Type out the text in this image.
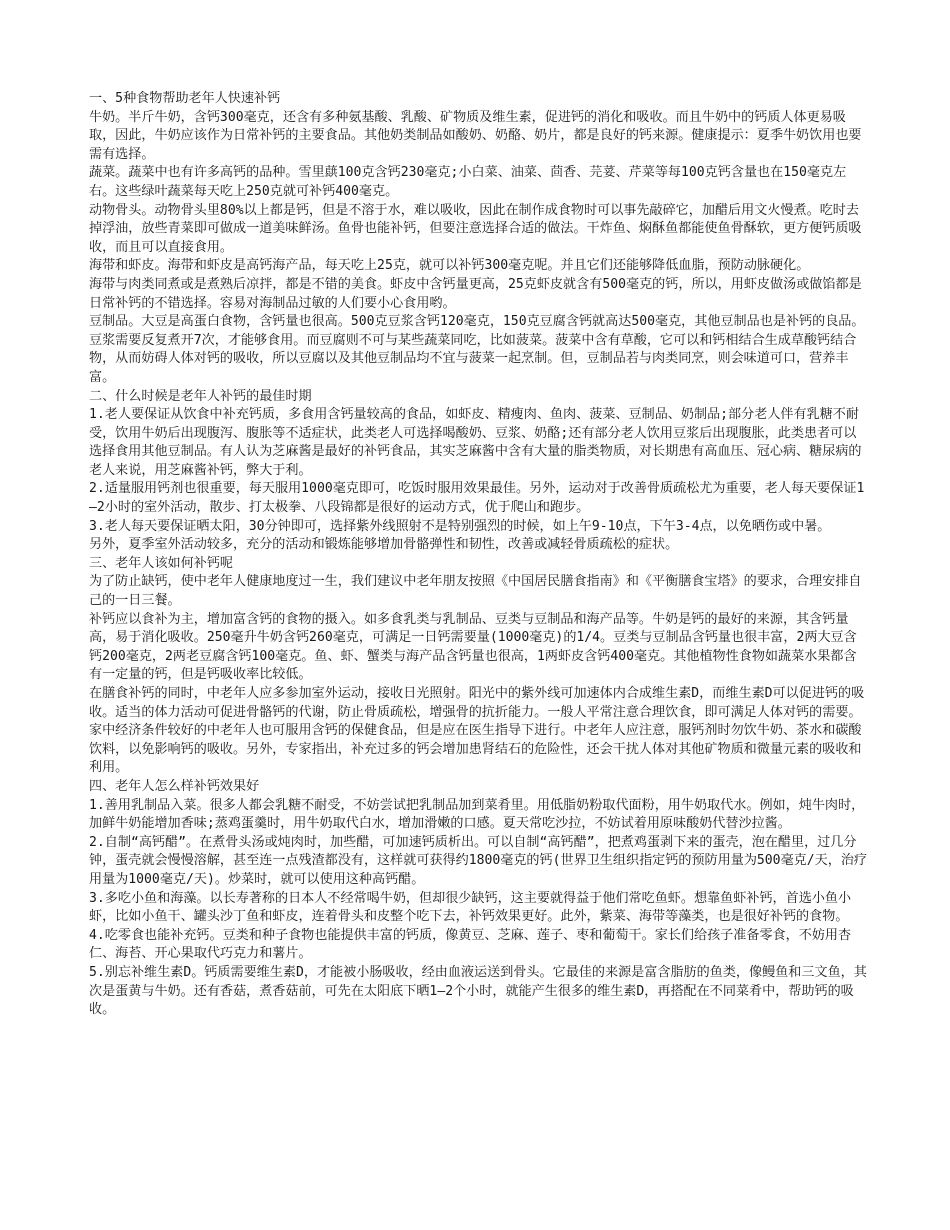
一、5种食物帮助老年人快速补钙

牛奶。半斤牛奶，含钙300毫克，还含有多种氨基酸、乳酸、矿物质及维生素，促进钙的消化和吸收。而且牛奶中的钙质人体更易吸取，因此，牛奶应该作为日常补钙的主要食品。其他奶类制品如酸奶、奶酪、奶片，都是良好的钙来源。健康提示：夏季牛奶饮用也要需有选择。

蔬菜。蔬菜中也有许多高钙的品种。雪里蕻100克含钙230毫克;小白菜、油菜、茴香、芫荽、芹菜等每100克钙含量也在150毫克左右。这些绿叶蔬菜每天吃上250克就可补钙400毫克。

动物骨头。动物骨头里80%以上都是钙，但是不溶于水，难以吸收，因此在制作成食物时可以事先敲碎它，加醋后用文火慢煮。吃时去掉浮油，放些青菜即可做成一道美味鲜汤。鱼骨也能补钙，但要注意选择合适的做法。干炸鱼、焖酥鱼都能使鱼骨酥软，更方便钙质吸收，而且可以直接食用。

海带和虾皮。海带和虾皮是高钙海产品，每天吃上25克，就可以补钙300毫克呢。并且它们还能够降低血脂，预防动脉硬化。

海带与肉类同煮或是煮熟后凉拌，都是不错的美食。虾皮中含钙量更高，25克虾皮就含有500毫克的钙，所以，用虾皮做汤或做馅都是日常补钙的不错选择。容易对海制品过敏的人们要小心食用哟。

豆制品。大豆是高蛋白食物，含钙量也很高。500克豆浆含钙120毫克，150克豆腐含钙就高达500毫克，其他豆制品也是补钙的良品。豆浆需要反复煮开7次，才能够食用。而豆腐则不可与某些蔬菜同吃，比如菠菜。菠菜中含有草酸，它可以和钙相结合生成草酸钙结合物，从而妨碍人体对钙的吸收，所以豆腐以及其他豆制品均不宜与菠菜一起烹制。但，豆制品若与肉类同烹，则会味道可口，营养丰富。

二、什么时候是老年人补钙的最佳时期

1.老人要保证从饮食中补充钙质，多食用含钙量较高的食品，如虾皮、精瘦肉、鱼肉、菠菜、豆制品、奶制品;部分老人伴有乳糖不耐受，饮用牛奶后出现腹泻、腹胀等不适症状，此类老人可选择喝酸奶、豆浆、奶酪;还有部分老人饮用豆浆后出现腹胀，此类患者可以选择食用其他豆制品。有人认为芝麻酱是最好的补钙食品，其实芝麻酱中含有大量的脂类物质，对长期患有高血压、冠心病、糖尿病的老人来说，用芝麻酱补钙，弊大于利。

2.适量服用钙剂也很重要，每天服用1000毫克即可，吃饭时服用效果最佳。另外，运动对于改善骨质疏松尤为重要，老人每天要保证1—2小时的室外活动，散步、打太极拳、八段锦都是很好的运动方式，优于爬山和跑步。

3.老人每天要保证晒太阳，30分钟即可，选择紫外线照射不是特别强烈的时候，如上午9-10点，下午3-4点，以免晒伤或中暑。

另外，夏季室外活动较多，充分的活动和锻炼能够增加骨骼弹性和韧性，改善或减轻骨质疏松的症状。

三、老年人该如何补钙呢

为了防止缺钙，使中老年人健康地度过一生，我们建议中老年朋友按照《中国居民膳食指南》和《平衡膳食宝塔》的要求，合理安排自己的一日三餐。

补钙应以食补为主，增加富含钙的食物的摄入。如多食乳类与乳制品、豆类与豆制品和海产品等。牛奶是钙的最好的来源，其含钙量高，易于消化吸收。250毫升牛奶含钙260毫克，可满足一日钙需要量(1000毫克)的1/4。豆类与豆制品含钙量也很丰富，2两大豆含钙200毫克，2两老豆腐含钙100毫克。鱼、虾、蟹类与海产品含钙量也很高，1两虾皮含钙400毫克。其他植物性食物如蔬菜水果都含有一定量的钙，但是钙吸收率比较低。

在膳食补钙的同时，中老年人应多参加室外运动，接收日光照射。阳光中的紫外线可加速体内合成维生素D，而维生素D可以促进钙的吸收。适当的体力活动可促进骨骼钙的代谢，防止骨质疏松，增强骨的抗折能力。一般人平常注意合理饮食，即可满足人体对钙的需要。家中经济条件较好的中老年人也可服用含钙的保健食品，但是应在医生指导下进行。中老年人应注意，服钙剂时勿饮牛奶、茶水和碳酸饮料，以免影响钙的吸收。另外，专家指出，补充过多的钙会增加患肾结石的危险性，还会干扰人体对其他矿物质和微量元素的吸收和利用。

四、老年人怎么样补钙效果好

1.善用乳制品入菜。很多人都会乳糖不耐受，不妨尝试把乳制品加到菜肴里。用低脂奶粉取代面粉，用牛奶取代水。例如，炖牛肉时，加鲜牛奶能增加香味;蒸鸡蛋羹时，用牛奶取代白水，增加滑嫩的口感。夏天常吃沙拉，不妨试着用原味酸奶代替沙拉酱。

2.自制“高钙醋”。在煮骨头汤或炖肉时，加些醋，可加速钙质析出。可以自制“高钙醋”，把煮鸡蛋剥下来的蛋壳，泡在醋里，过几分钟，蛋壳就会慢慢溶解，甚至连一点残渣都没有，这样就可获得约1800毫克的钙(世界卫生组织指定钙的预防用量为500毫克/天，治疗用量为1000毫克/天)。炒菜时，就可以使用这种高钙醋。

3.多吃小鱼和海藻。以长寿著称的日本人不经常喝牛奶，但却很少缺钙，这主要就得益于他们常吃鱼虾。想靠鱼虾补钙，首选小鱼小虾，比如小鱼干、罐头沙丁鱼和虾皮，连着骨头和皮整个吃下去，补钙效果更好。此外，紫菜、海带等藻类，也是很好补钙的食物。

4.吃零食也能补充钙。豆类和种子食物也能提供丰富的钙质，像黄豆、芝麻、莲子、枣和葡萄干。家长们给孩子准备零食，不妨用杏仁、海苔、开心果取代巧克力和薯片。

5.别忘补维生素D。钙质需要维生素D，才能被小肠吸收，经由血液运送到骨头。它最佳的来源是富含脂肪的鱼类，像鳗鱼和三文鱼，其次是蛋黄与牛奶。还有香菇，煮香菇前，可先在太阳底下晒1—2个小时，就能产生很多的维生素D，再搭配在不同菜肴中，帮助钙的吸收。
